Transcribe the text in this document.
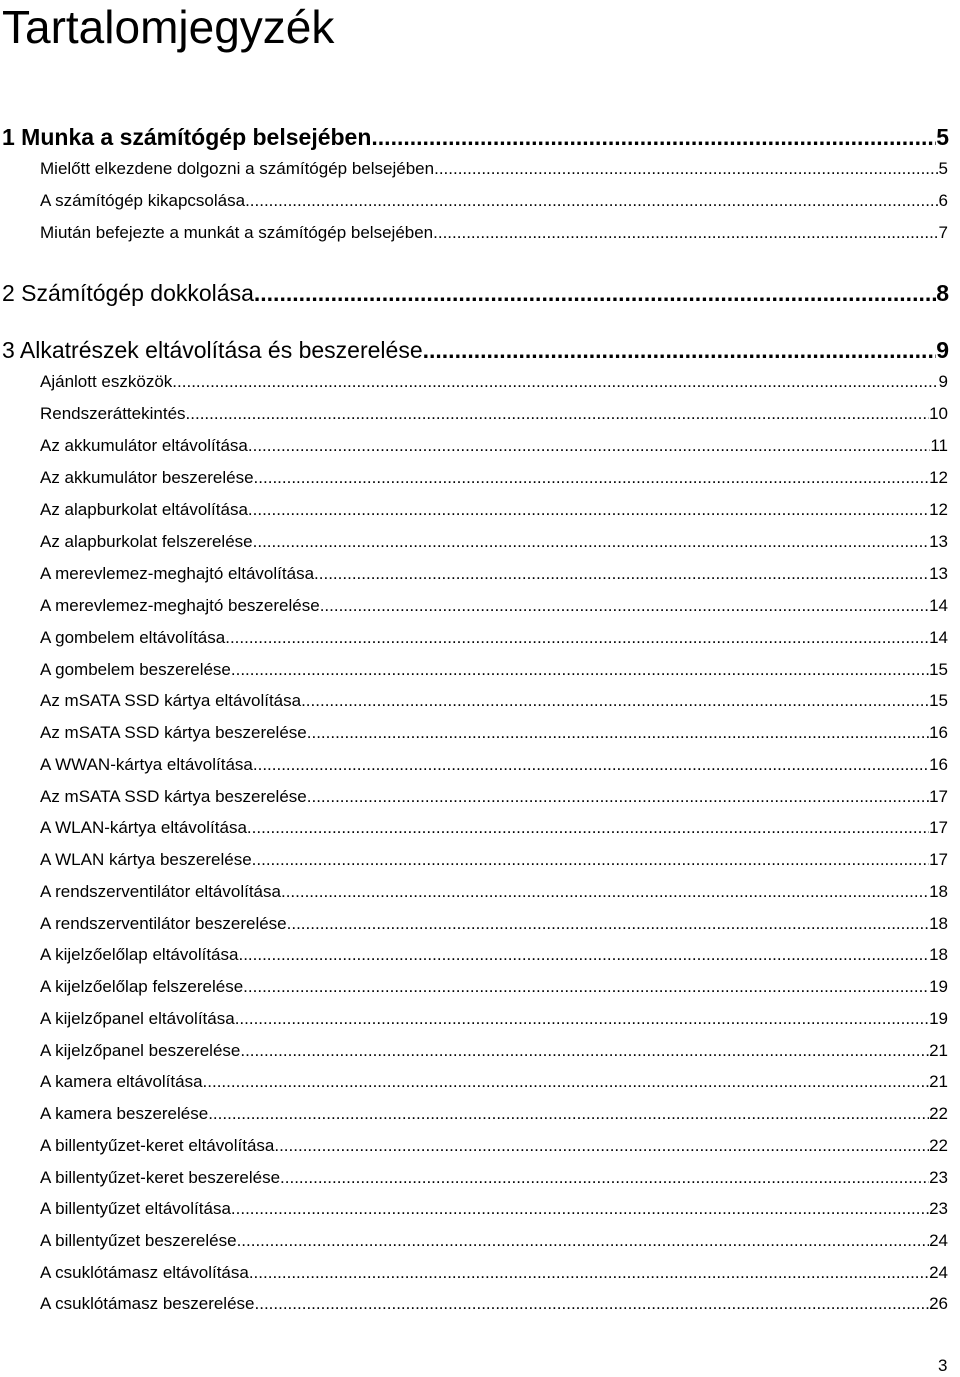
Tartalomjegyzék
1 Munka a számítógép belsejében .....	5
Mielőtt elkezdene dolgozni a számítógép belsejében .....	5
A számítógép kikapcsolása .....	6
Miután befejezte a munkát a számítógép belsejében .....	7
2 Számítógép dokkolása .....	8
3 Alkatrészek eltávolítása és beszerelése .....	9
Ajánlott eszközök .....	9
Rendszeráttekintés .....	10
Az akkumulátor eltávolítása .....	11
Az akkumulátor beszerelése .....	12
Az alapburkolat eltávolítása .....	12
Az alapburkolat felszerelése .....	13
A merevlemez-meghajtó eltávolítása .....	13
A merevlemez-meghajtó beszerelése .....	14
A gombelem eltávolítása .....	14
A gombelem beszerelése .....	15
Az mSATA SSD kártya eltávolítása .....	15
Az mSATA SSD kártya beszerelése .....	16
A WWAN-kártya eltávolítása .....	16
Az mSATA SSD kártya beszerelése .....	17
A WLAN-kártya eltávolítása .....	17
A WLAN kártya beszerelése .....	17
A rendszerventilátor eltávolítása .....	18
A rendszerventilátor beszerelése .....	18
A kijelzőelőlap eltávolítása .....	18
A kijelzőelőlap felszerelése .....	19
A kijelzőpanel eltávolítása .....	19
A kijelzőpanel beszerelése .....	21
A kamera eltávolítása .....	21
A kamera beszerelése .....	22
A billentyűzet-keret eltávolítása .....	22
A billentyűzet-keret beszerelése .....	23
A billentyűzet eltávolítása .....	23
A billentyűzet beszerelése .....	24
A csuklótámasz eltávolítása .....	24
A csuklótámasz beszerelése .....	26
3
